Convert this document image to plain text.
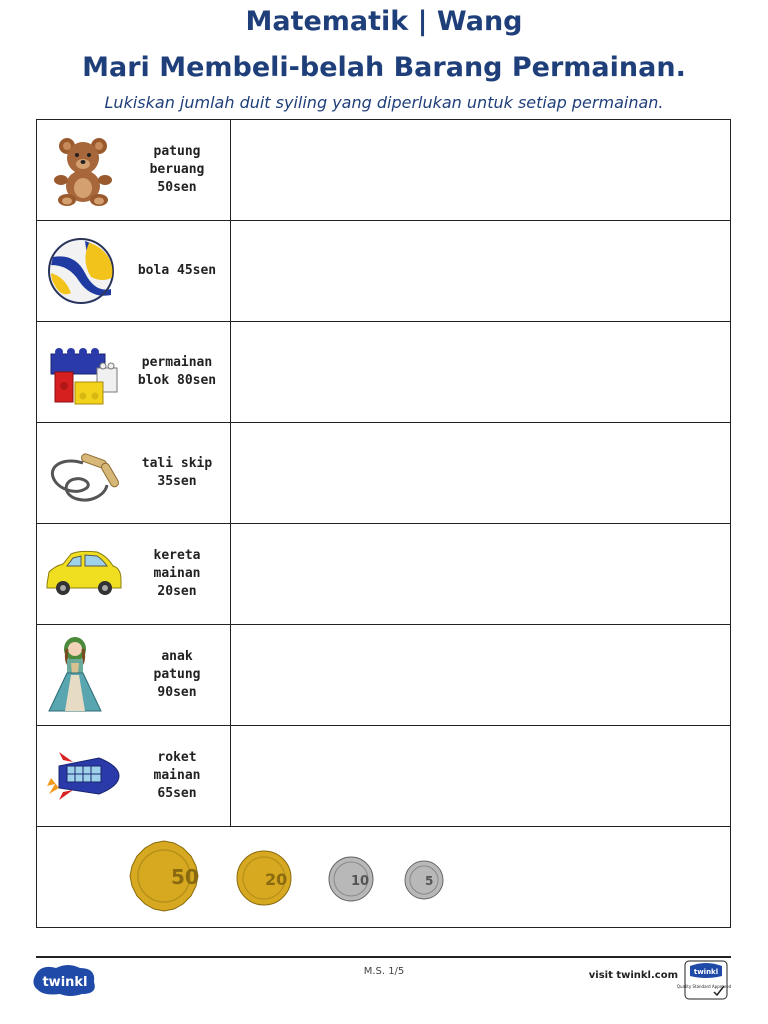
Matematik | Wang
Mari Membeli-belah Barang Permainan.
Lukiskan jumlah duit syiling yang diperlukan untuk setiap permainan.
patung
beruang
50sen	

bola 45sen	

permainan
blok 80sen	

tali skip
35sen	

kereta
mainan
20sen	

anak
patung
90sen	

roket
mainan
65sen	

50 20 10 5	
twinkl
M.S. 1/5	visit twinkl.com twinkl
Quality Standard Approved
